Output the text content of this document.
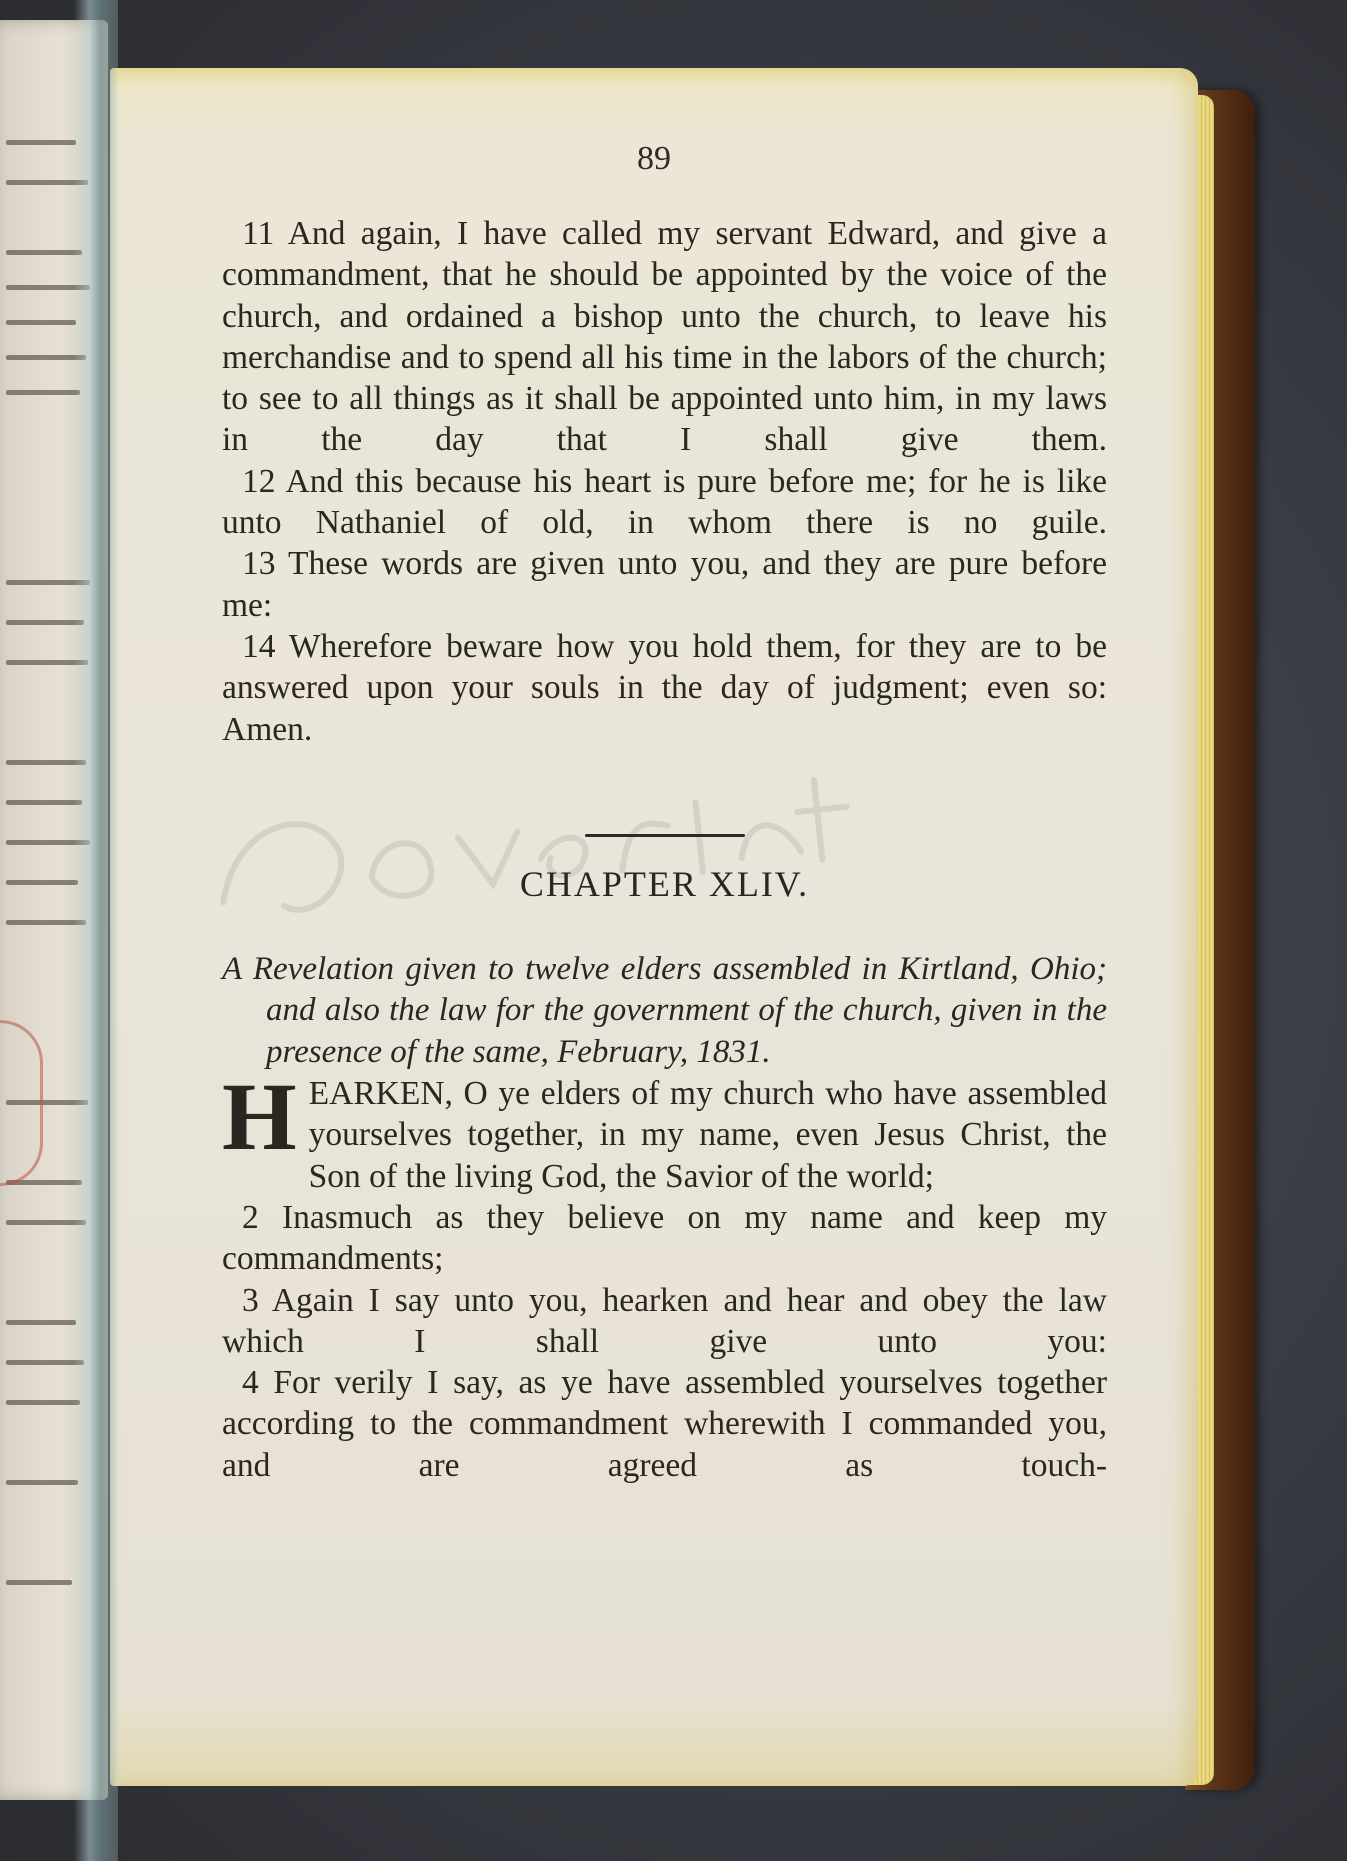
89

11 And again, I have called my servant Edward, and give a commandment, that he should be appointed by the voice of the church, and ordained a bishop unto the church, to leave his merchandise and to spend all his time in the labors of the church; to see to all things as it shall be appointed unto him, in my laws in the day that I shall give them.

12 And this because his heart is pure before me; for he is like unto Nathaniel of old, in whom there is no guile.

13 These words are given unto you, and they are pure before me:

14 Wherefore beware how you hold them, for they are to be answered upon your souls in the day of judgment; even so: Amen.

CHAPTER XLIV.

A Revelation given to twelve elders assembled in Kirtland, Ohio; and also the law for the government of the church, given in the presence of the same, February, 1831.

H EARKEN, O ye elders of my church who have assembled yourselves together, in my name, even Jesus Christ, the Son of the living God, the Savior of the world;

2 Inasmuch as they believe on my name and keep my commandments;

3 Again I say unto you, hearken and hear and obey the law which I shall give unto you:

4 For verily I say, as ye have assembled yourselves together according to the commandment wherewith I commanded you, and are agreed as touch-
